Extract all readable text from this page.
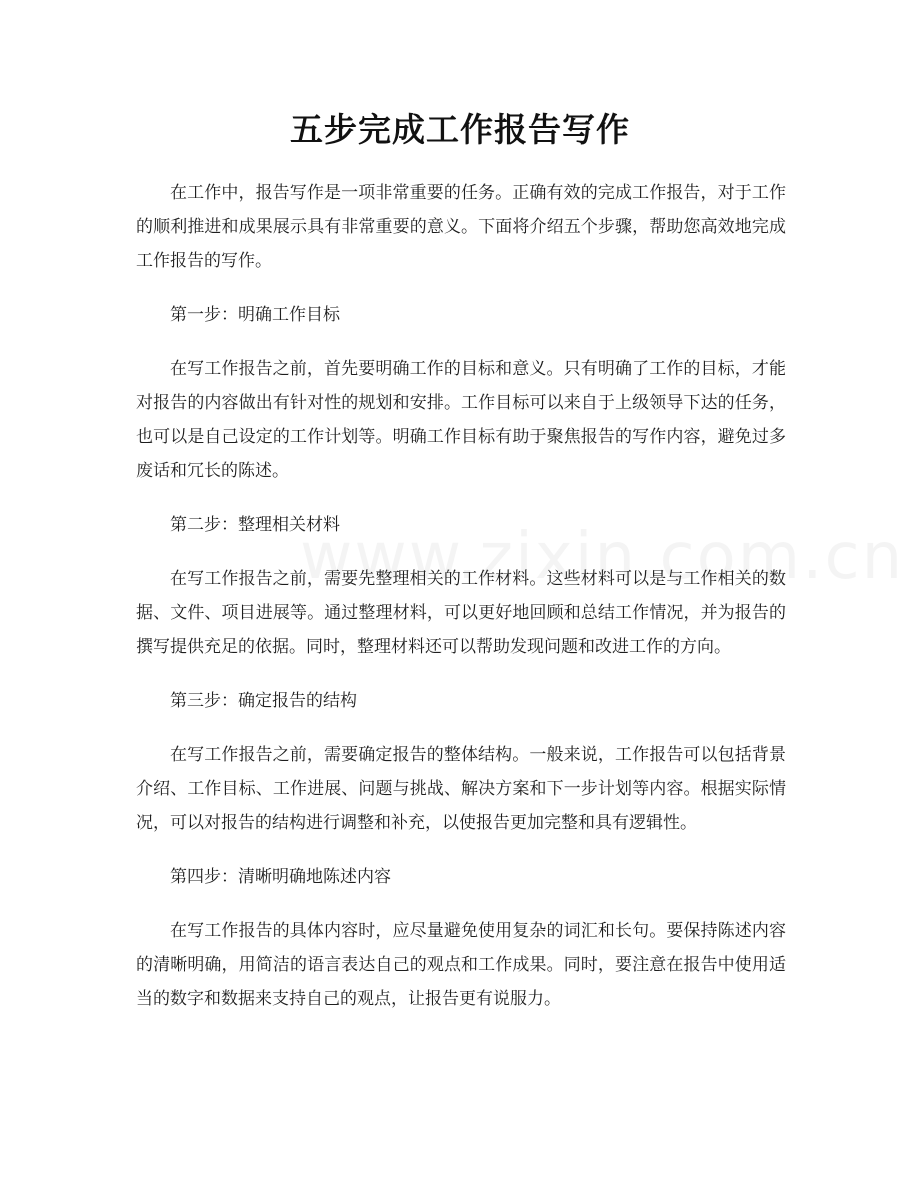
五步完成工作报告写作

在工作中，报告写作是一项非常重要的任务。正确有效的完成工作报告，对于工作的顺利推进和成果展示具有非常重要的意义。下面将介绍五个步骤，帮助您高效地完成工作报告的写作。

第一步：明确工作目标

在写工作报告之前，首先要明确工作的目标和意义。只有明确了工作的目标，才能对报告的内容做出有针对性的规划和安排。工作目标可以来自于上级领导下达的任务，也可以是自己设定的工作计划等。明确工作目标有助于聚焦报告的写作内容，避免过多废话和冗长的陈述。

第二步：整理相关材料

在写工作报告之前，需要先整理相关的工作材料。这些材料可以是与工作相关的数据、文件、项目进展等。通过整理材料，可以更好地回顾和总结工作情况，并为报告的撰写提供充足的依据。同时，整理材料还可以帮助发现问题和改进工作的方向。

第三步：确定报告的结构

在写工作报告之前，需要确定报告的整体结构。一般来说，工作报告可以包括背景介绍、工作目标、工作进展、问题与挑战、解决方案和下一步计划等内容。根据实际情况，可以对报告的结构进行调整和补充，以使报告更加完整和具有逻辑性。

第四步：清晰明确地陈述内容

在写工作报告的具体内容时，应尽量避免使用复杂的词汇和长句。要保持陈述内容的清晰明确，用简洁的语言表达自己的观点和工作成果。同时，要注意在报告中使用适当的数字和数据来支持自己的观点，让报告更有说服力。
